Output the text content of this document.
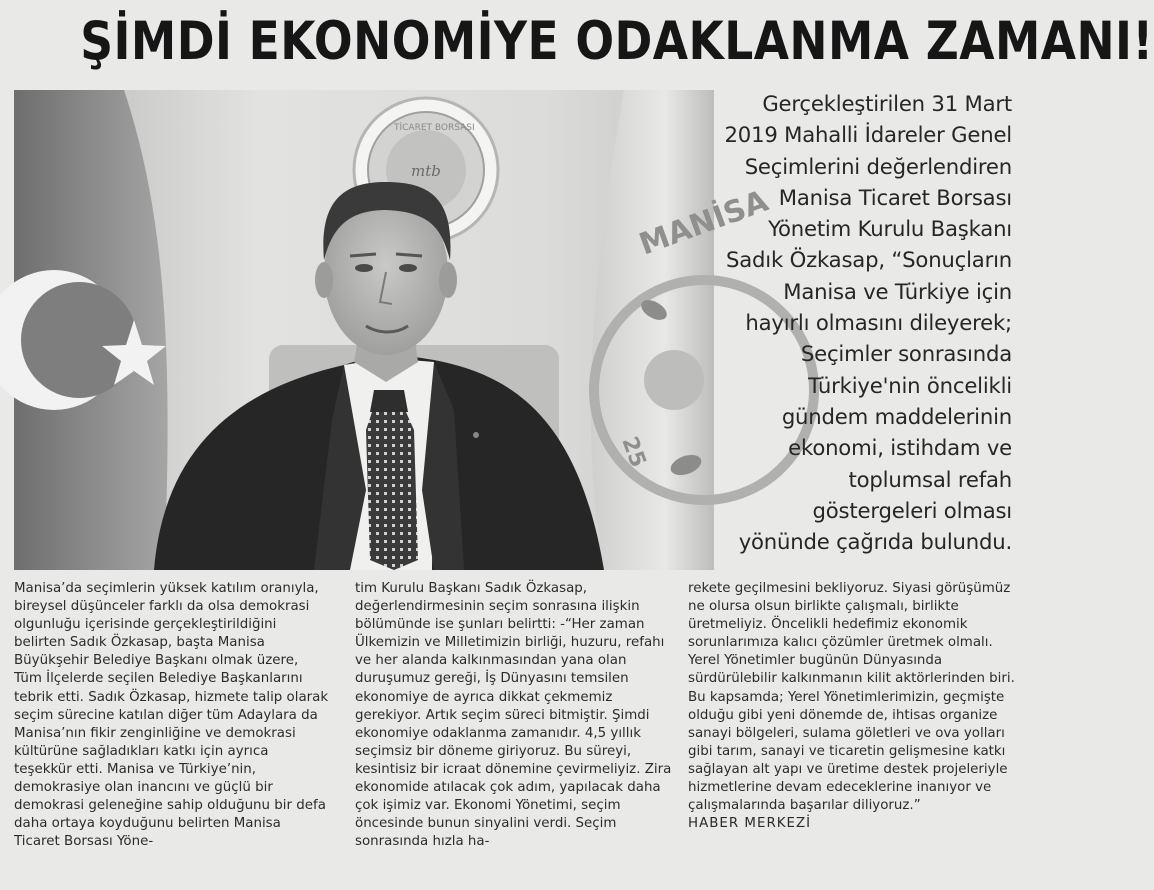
ŞİMDİ EKONOMİYE ODAKLANMA ZAMANI!
MANİSA
25
TİCARET BORSASI
mtb

Gerçekleştirilen 31 Mart 2019 Mahalli İdareler Genel Seçimlerini değerlendiren Manisa Ticaret Borsası Yönetim Kurulu Başkanı Sadık Özkasap, “Sonuçların Manisa ve Türkiye için hayırlı olmasını dileyerek; Seçimler sonrasında Türkiye'nin öncelikli gündem maddelerinin ekonomi, istihdam ve toplumsal refah göstergeleri olması yönünde çağrıda bulundu.

Manisa’da seçimlerin yüksek katılım oranıyla, bireysel düşünceler farklı da olsa demokrasi olgunluğu içerisinde gerçekleştirildiğini belirten Sadık Özkasap, başta Manisa Büyükşehir Belediye Başkanı olmak üzere, Tüm İlçelerde seçilen Belediye Başkanlarını tebrik etti. Sadık Özkasap, hizmete talip olarak seçim sürecine katılan diğer tüm Adaylara da Manisa’nın fikir zenginliğine ve demokrasi kültürüne sağladıkları katkı için ayrıca teşekkür etti. Manisa ve Türkiye’nin, demokrasiye olan inancını ve güçlü bir demokrasi geleneğine sahip olduğunu bir defa daha ortaya koyduğunu belirten Manisa Ticaret Borsası Yöne-

tim Kurulu Başkanı Sadık Özkasap, değerlendirmesinin seçim sonrasına ilişkin bölümünde ise şunları belirtti: -“Her zaman Ülkemizin ve Milletimizin birliği, huzuru, refahı ve her alanda kalkınmasından yana olan duruşumuz gereği, İş Dünyasını temsilen ekonomiye de ayrıca dikkat çekmemiz gerekiyor. Artık seçim süreci bitmiştir. Şimdi ekonomiye odaklanma zamanıdır. 4,5 yıllık seçimsiz bir döneme giriyoruz. Bu süreyi, kesintisiz bir icraat dönemine çevirmeliyiz. Zira ekonomide atılacak çok adım, yapılacak daha çok işimiz var. Ekonomi Yönetimi, seçim öncesinde bunun sinyalini verdi. Seçim sonrasında hızla ha-

rekete geçilmesini bekliyoruz. Siyasi görüşümüz ne olursa olsun birlikte çalışmalı, birlikte üretmeliyiz. Öncelikli hedefimiz ekonomik sorunlarımıza kalıcı çözümler üretmek olmalı. Yerel Yönetimler bugünün Dünyasında sürdürülebilir kalkınmanın kilit aktörlerinden biri. Bu kapsamda; Yerel Yönetimlerimizin, geçmişte olduğu gibi yeni dönemde de, ihtisas organize sanayi bölgeleri, sulama göletleri ve ova yolları gibi tarım, sanayi ve ticaretin gelişmesine katkı sağlayan alt yapı ve üretime destek projeleriyle hizmetlerine devam edeceklerine inanıyor ve çalışmalarında başarılar diliyoruz.”

HABER MERKEZİ
